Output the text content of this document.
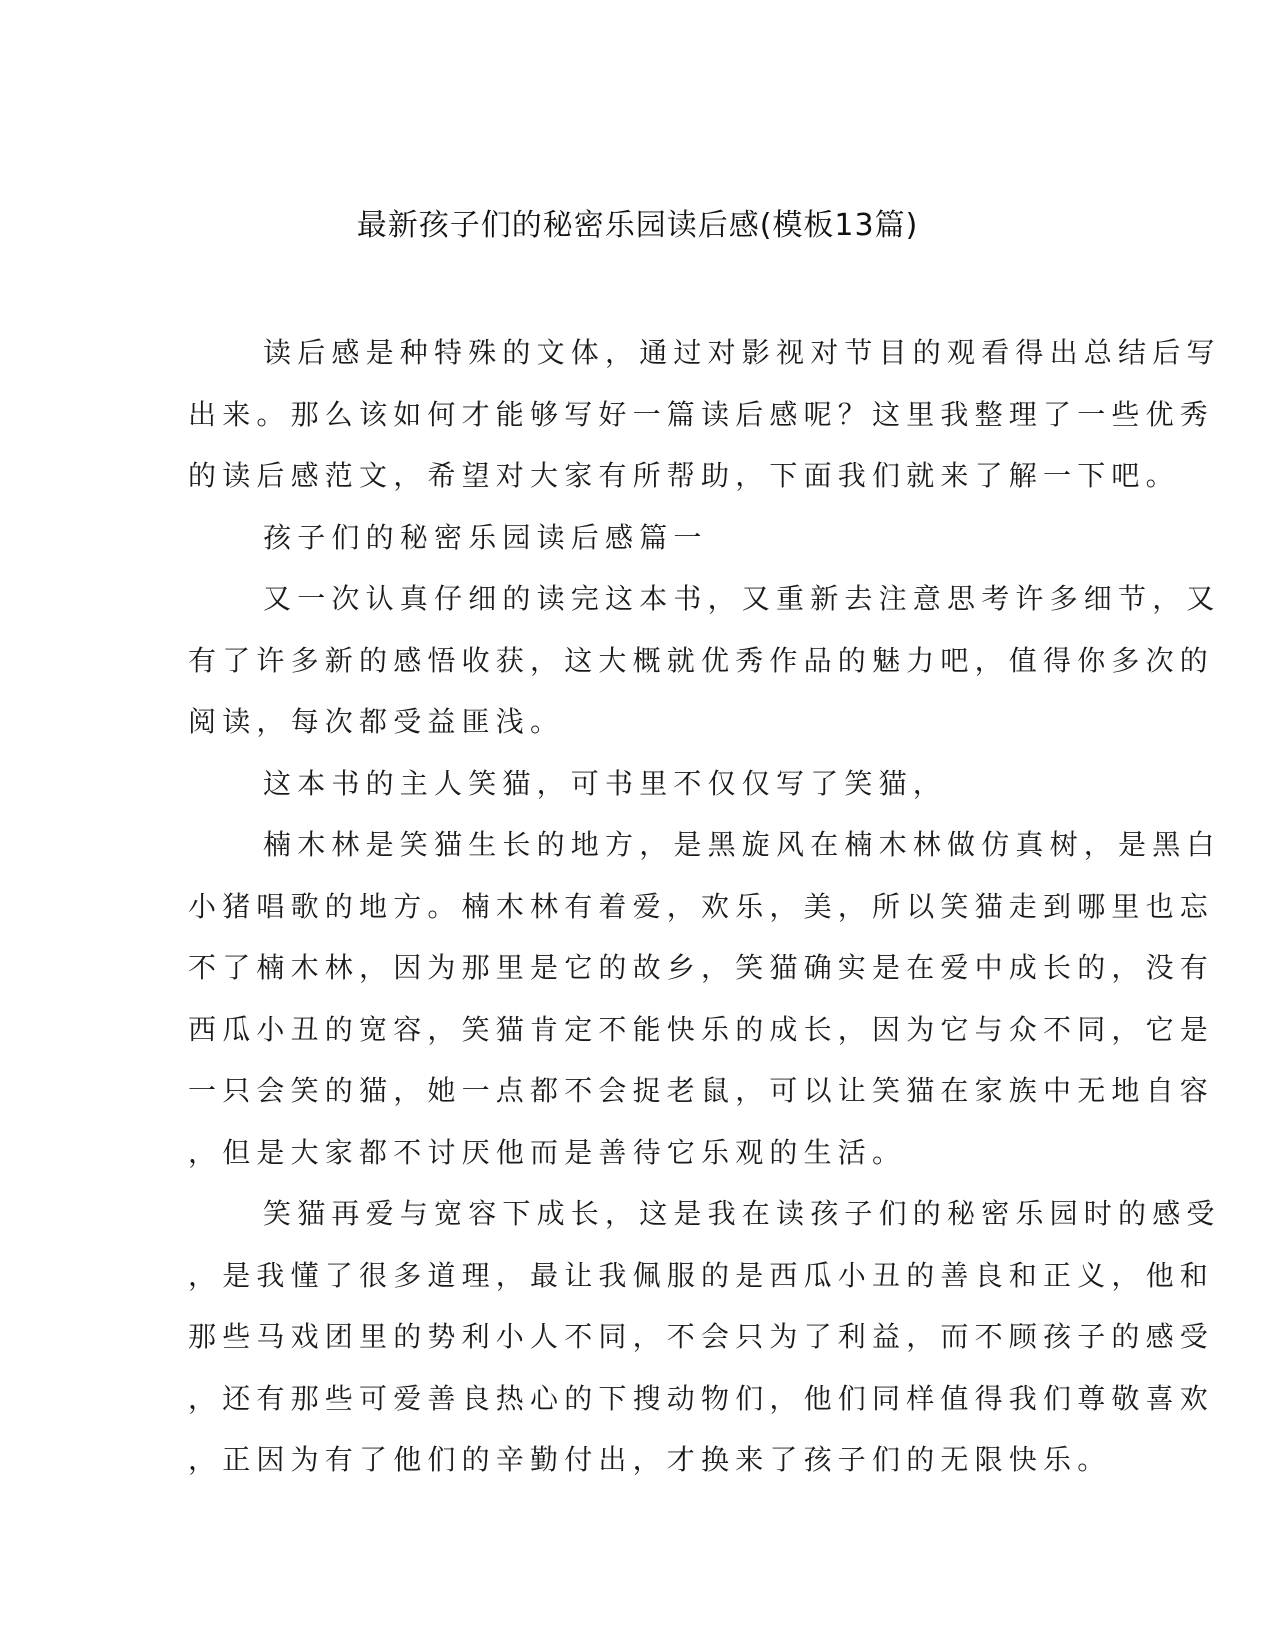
最新孩子们的秘密乐园读后感(模板13篇)
读后感是种特殊的文体，通过对影视对节目的观看得出总结后写
出来。那么该如何才能够写好一篇读后感呢？这里我整理了一些优秀
的读后感范文，希望对大家有所帮助，下面我们就来了解一下吧。
孩子们的秘密乐园读后感篇一
又一次认真仔细的读完这本书，又重新去注意思考许多细节，又
有了许多新的感悟收获，这大概就优秀作品的魅力吧，值得你多次的
阅读，每次都受益匪浅。
这本书的主人笑猫，可书里不仅仅写了笑猫，
楠木林是笑猫生长的地方，是黑旋风在楠木林做仿真树，是黑白
小猪唱歌的地方。楠木林有着爱，欢乐，美，所以笑猫走到哪里也忘
不了楠木林，因为那里是它的故乡，笑猫确实是在爱中成长的，没有
西瓜小丑的宽容，笑猫肯定不能快乐的成长，因为它与众不同，它是
一只会笑的猫，她一点都不会捉老鼠，可以让笑猫在家族中无地自容
，但是大家都不讨厌他而是善待它乐观的生活。
笑猫再爱与宽容下成长，这是我在读孩子们的秘密乐园时的感受
，是我懂了很多道理，最让我佩服的是西瓜小丑的善良和正义，他和
那些马戏团里的势利小人不同，不会只为了利益，而不顾孩子的感受
，还有那些可爱善良热心的下搜动物们，他们同样值得我们尊敬喜欢
，正因为有了他们的辛勤付出，才换来了孩子们的无限快乐。
